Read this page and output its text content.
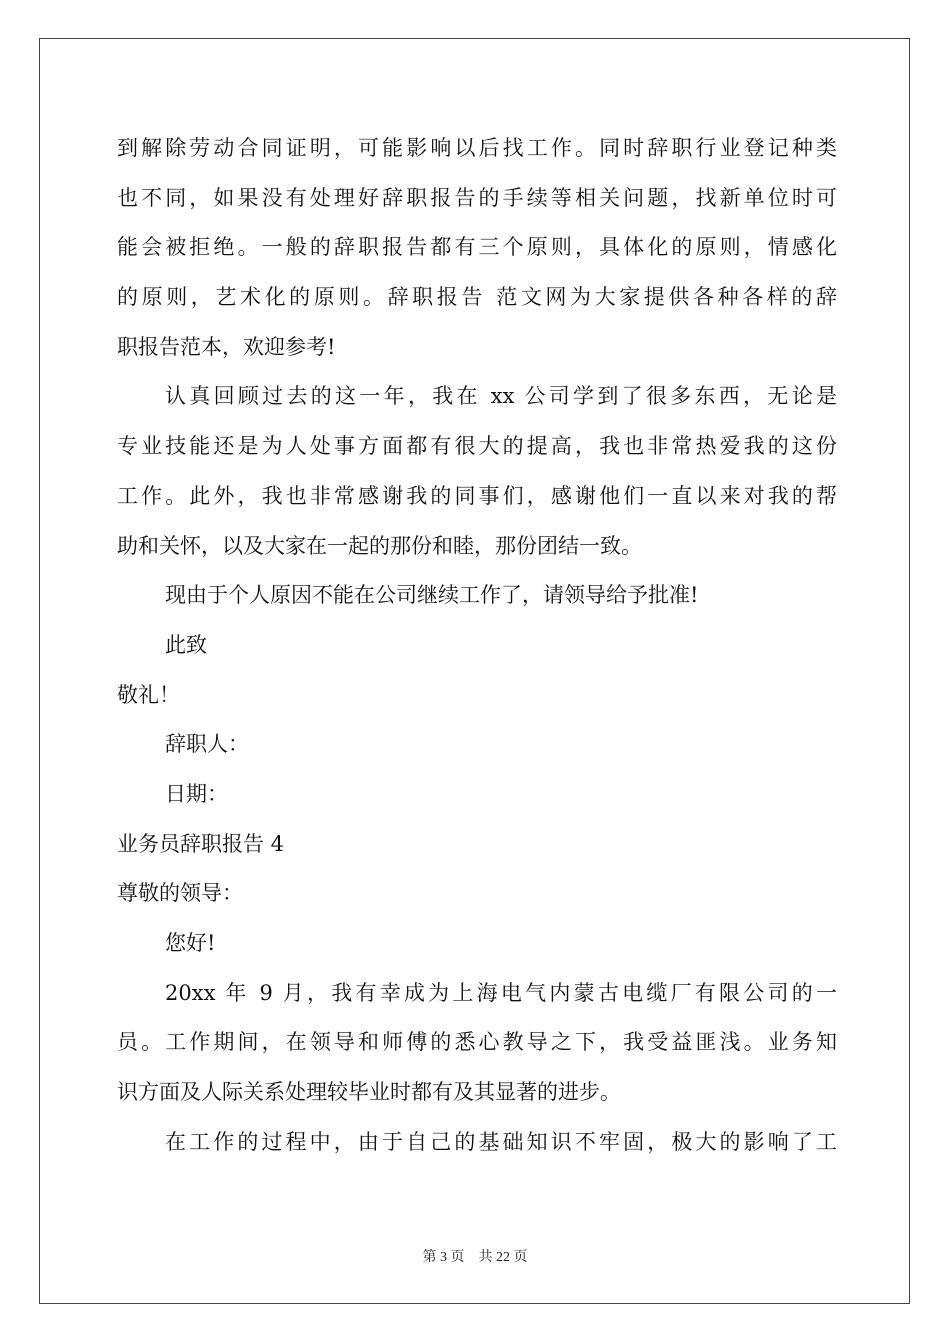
到解除劳动合同证明，可能影响以后找工作。同时辞职行业登记种类
也不同，如果没有处理好辞职报告的手续等相关问题，找新单位时可
能会被拒绝。一般的辞职报告都有三个原则，具体化的原则，情感化
的原则，艺术化的原则。辞职报告 范文网为大家提供各种各样的辞
职报告范本，欢迎参考!
认真回顾过去的这一年，我在 xx 公司学到了很多东西，无论是
专业技能还是为人处事方面都有很大的提高，我也非常热爱我的这份
工作。此外，我也非常感谢我的同事们，感谢他们一直以来对我的帮
助和关怀，以及大家在一起的那份和睦，那份团结一致。
现由于个人原因不能在公司继续工作了，请领导给予批准!
此致
敬礼！
辞职人：
日期：
业务员辞职报告 4
尊敬的领导：
您好!
20xx 年 9 月，我有幸成为上海电气内蒙古电缆厂有限公司的一
员。工作期间，在领导和师傅的悉心教导之下，我受益匪浅。业务知
识方面及人际关系处理较毕业时都有及其显著的进步。
在工作的过程中，由于自己的基础知识不牢固，极大的影响了工
第 3 页 共 22 页
